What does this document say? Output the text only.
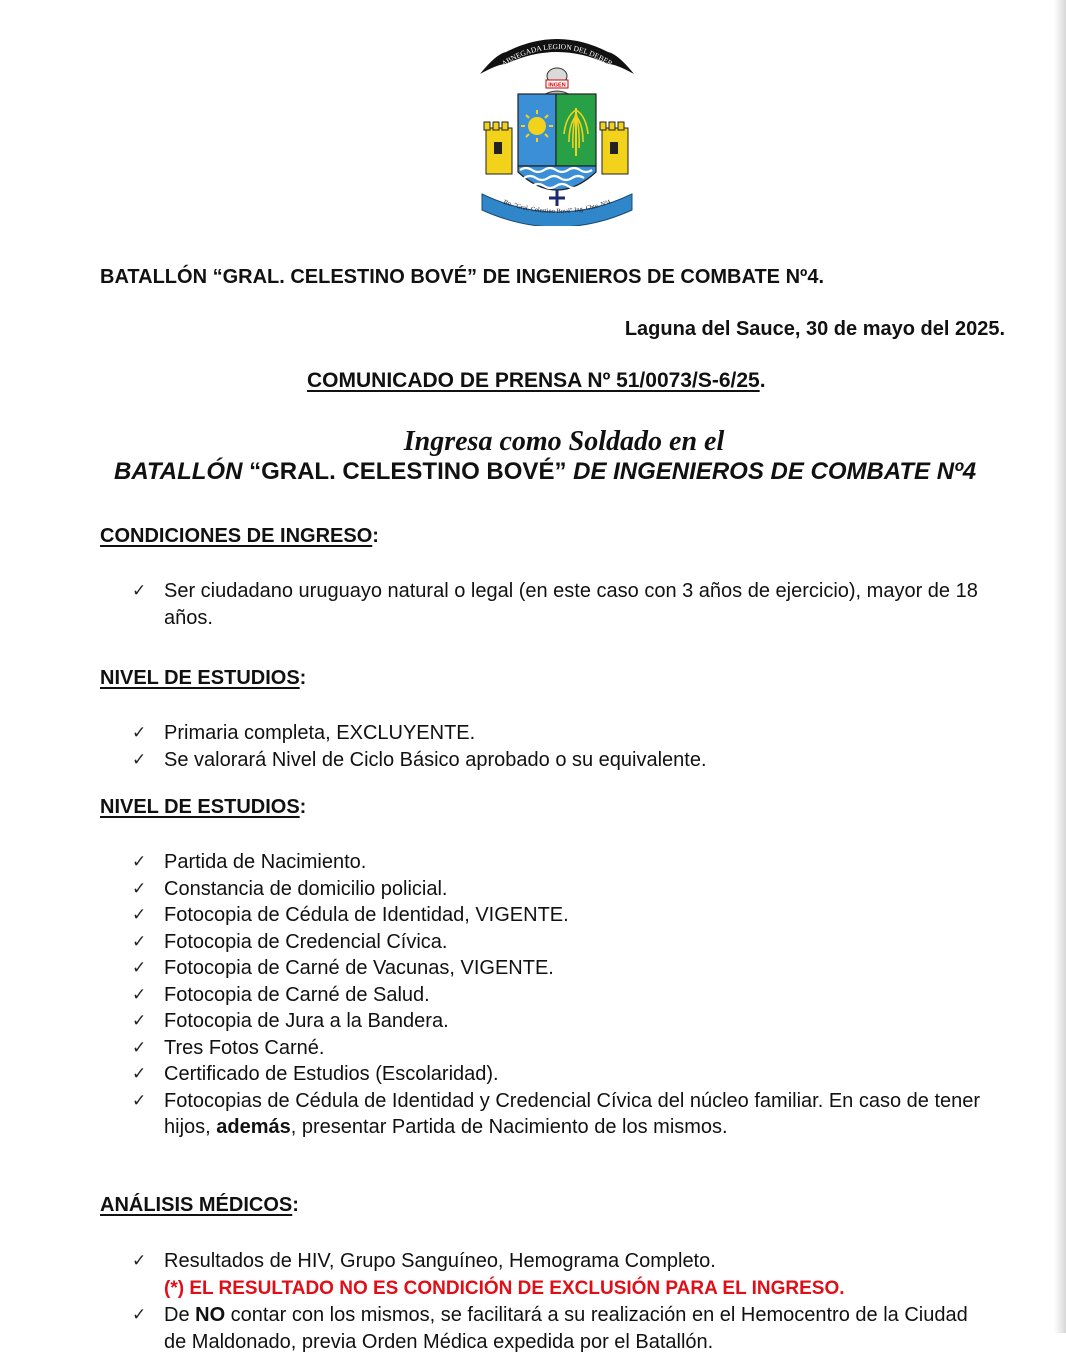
ABNEGADA LEGION DEL DEBER
INGEN
Bn. "Gral. Celestino Bové" Ing. Cbte. Nº4
BATALLÓN “GRAL. CELESTINO BOVÉ” DE INGENIEROS DE COMBATE Nº4.
Laguna del Sauce, 30 de mayo del 2025.
COMUNICADO DE PRENSA Nº 51/0073/S-6/25.
Ingresa como Soldado en el
BATALLÓN “GRAL. CELESTINO BOVÉ” DE INGENIEROS DE COMBATE Nº4
CONDICIONES DE INGRESO:
✓ Ser ciudadano uruguayo natural o legal (en este caso con 3 años de ejercicio), mayor de 18 años.
NIVEL DE ESTUDIOS:
✓ Primaria completa, EXCLUYENTE.
✓ Se valorará Nivel de Ciclo Básico aprobado o su equivalente.
NIVEL DE ESTUDIOS:
✓ Partida de Nacimiento.
✓ Constancia de domicilio policial.
✓ Fotocopia de Cédula de Identidad, VIGENTE.
✓ Fotocopia de Credencial Cívica.
✓ Fotocopia de Carné de Vacunas, VIGENTE.
✓ Fotocopia de Carné de Salud.
✓ Fotocopia de Jura a la Bandera.
✓ Tres Fotos Carné.
✓ Certificado de Estudios (Escolaridad).
✓ Fotocopias de Cédula de Identidad y Credencial Cívica del núcleo familiar. En caso de tener hijos, además, presentar Partida de Nacimiento de los mismos.
ANÁLISIS MÉDICOS:
✓ Resultados de HIV, Grupo Sanguíneo, Hemograma Completo.
(*) EL RESULTADO NO ES CONDICIÓN DE EXCLUSIÓN PARA EL INGRESO.
✓ De NO contar con los mismos, se facilitará a su realización en el Hemocentro de la Ciudad de Maldonado, previa Orden Médica expedida por el Batallón.
